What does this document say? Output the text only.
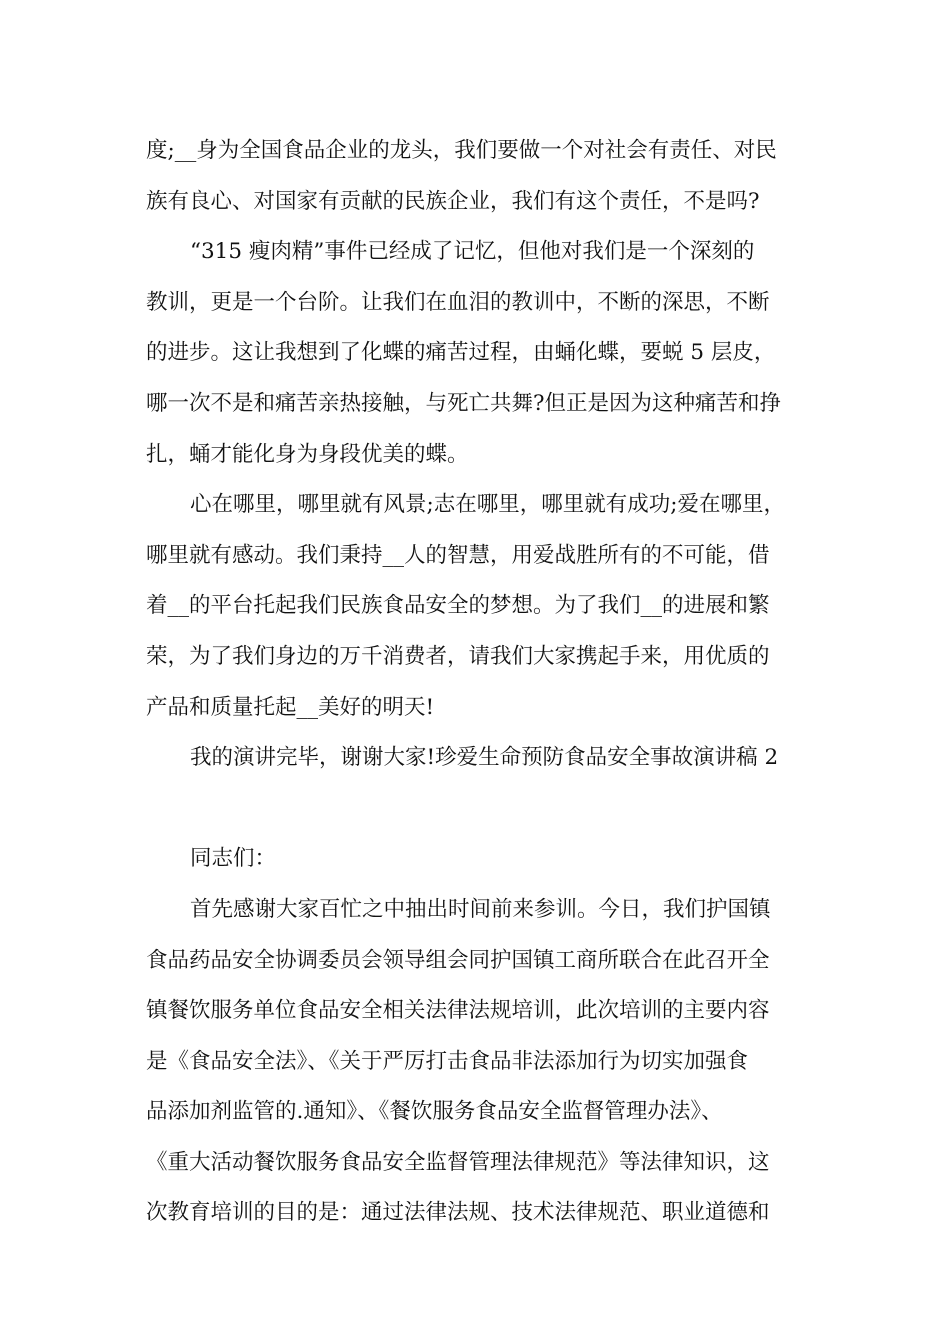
度;__身为全国食品企业的龙头，我们要做一个对社会有责任、对民
族有良心、对国家有贡献的民族企业，我们有这个责任，不是吗?
“315 瘦肉精”事件已经成了记忆，但他对我们是一个深刻的
教训，更是一个台阶。让我们在血泪的教训中，不断的深思，不断
的进步。这让我想到了化蝶的痛苦过程，由蛹化蝶，要蜕 5 层皮，
哪一次不是和痛苦亲热接触，与死亡共舞?但正是因为这种痛苦和挣
扎，蛹才能化身为身段优美的蝶。
心在哪里，哪里就有风景;志在哪里，哪里就有成功;爱在哪里，
哪里就有感动。我们秉持__人的智慧，用爱战胜所有的不可能，借
着__的平台托起我们民族食品安全的梦想。为了我们__的进展和繁
荣，为了我们身边的万千消费者，请我们大家携起手来，用优质的
产品和质量托起__美好的明天!
我的演讲完毕，谢谢大家!珍爱生命预防食品安全事故演讲稿 2
同志们：
首先感谢大家百忙之中抽出时间前来参训。今日，我们护国镇
食品药品安全协调委员会领导组会同护国镇工商所联合在此召开全
镇餐饮服务单位食品安全相关法律法规培训，此次培训的主要内容
是《食品安全法》、《关于严厉打击食品非法添加行为切实加强食
品添加剂监管的.通知》、《餐饮服务食品安全监督管理办法》、
《重大活动餐饮服务食品安全监督管理法律规范》等法律知识，这
次教育培训的目的是：通过法律法规、技术法律规范、职业道德和
